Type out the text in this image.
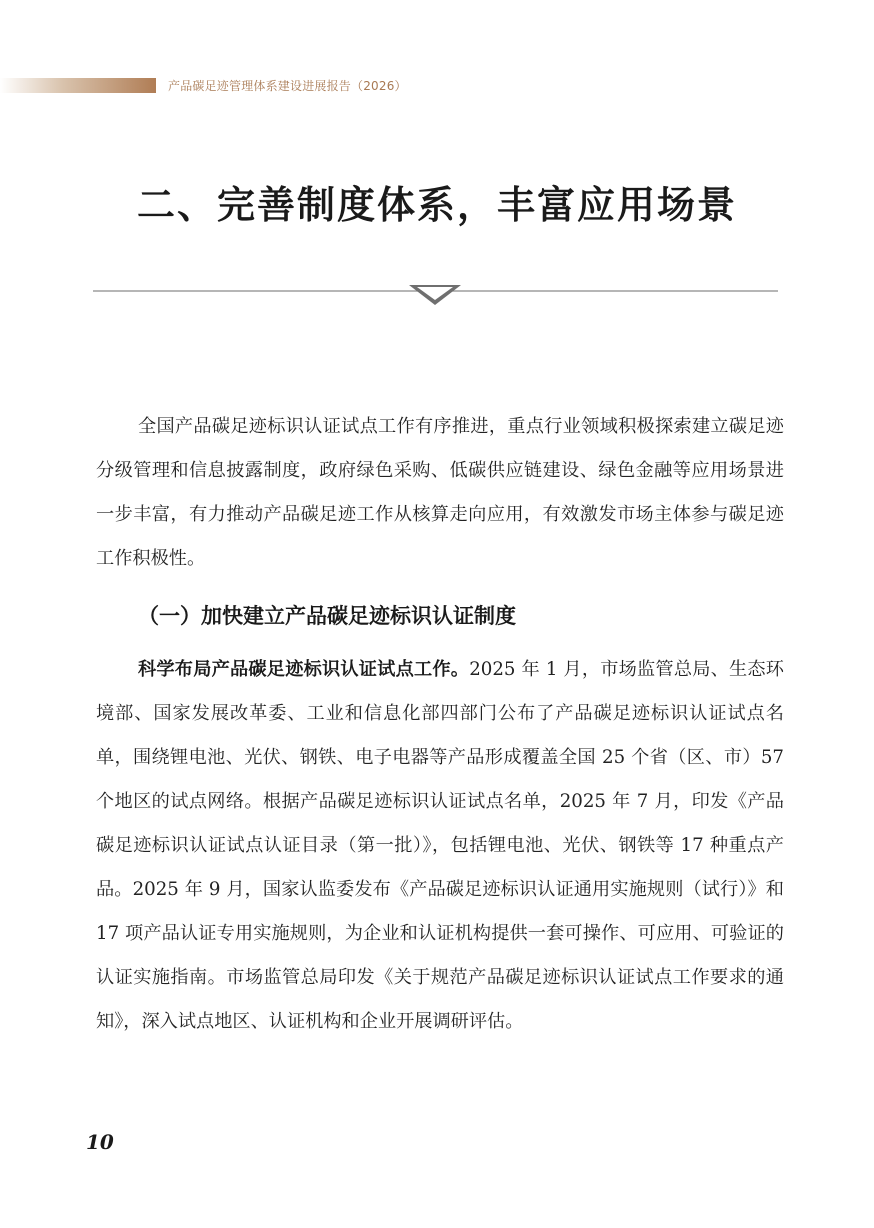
产品碳足迹管理体系建设进展报告（2026）
二、完善制度体系，丰富应用场景

全国产品碳足迹标识认证试点工作有序推进，重点行业领域积极探索建立碳足迹分级管理和信息披露制度，政府绿色采购、低碳供应链建设、绿色金融等应用场景进一步丰富，有力推动产品碳足迹工作从核算走向应用，有效激发市场主体参与碳足迹工作积极性。

（一）加快建立产品碳足迹标识认证制度

科学布局产品碳足迹标识认证试点工作。2025 年 1 月，市场监管总局、生态环境部、国家发展改革委、工业和信息化部四部门公布了产品碳足迹标识认证试点名单，围绕锂电池、光伏、钢铁、电子电器等产品形成覆盖全国 25 个省（区、市）57 个地区的试点网络。根据产品碳足迹标识认证试点名单，2025 年 7 月，印发《产品碳足迹标识认证试点认证目录（第一批）》，包括锂电池、光伏、钢铁等 17 种重点产品。2025 年 9 月，国家认监委发布《产品碳足迹标识认证通用实施规则（试行）》和 17 项产品认证专用实施规则，为企业和认证机构提供一套可操作、可应用、可验证的认证实施指南。市场监管总局印发《关于规范产品碳足迹标识认证试点工作要求的通知》，深入试点地区、认证机构和企业开展调研评估。

10
